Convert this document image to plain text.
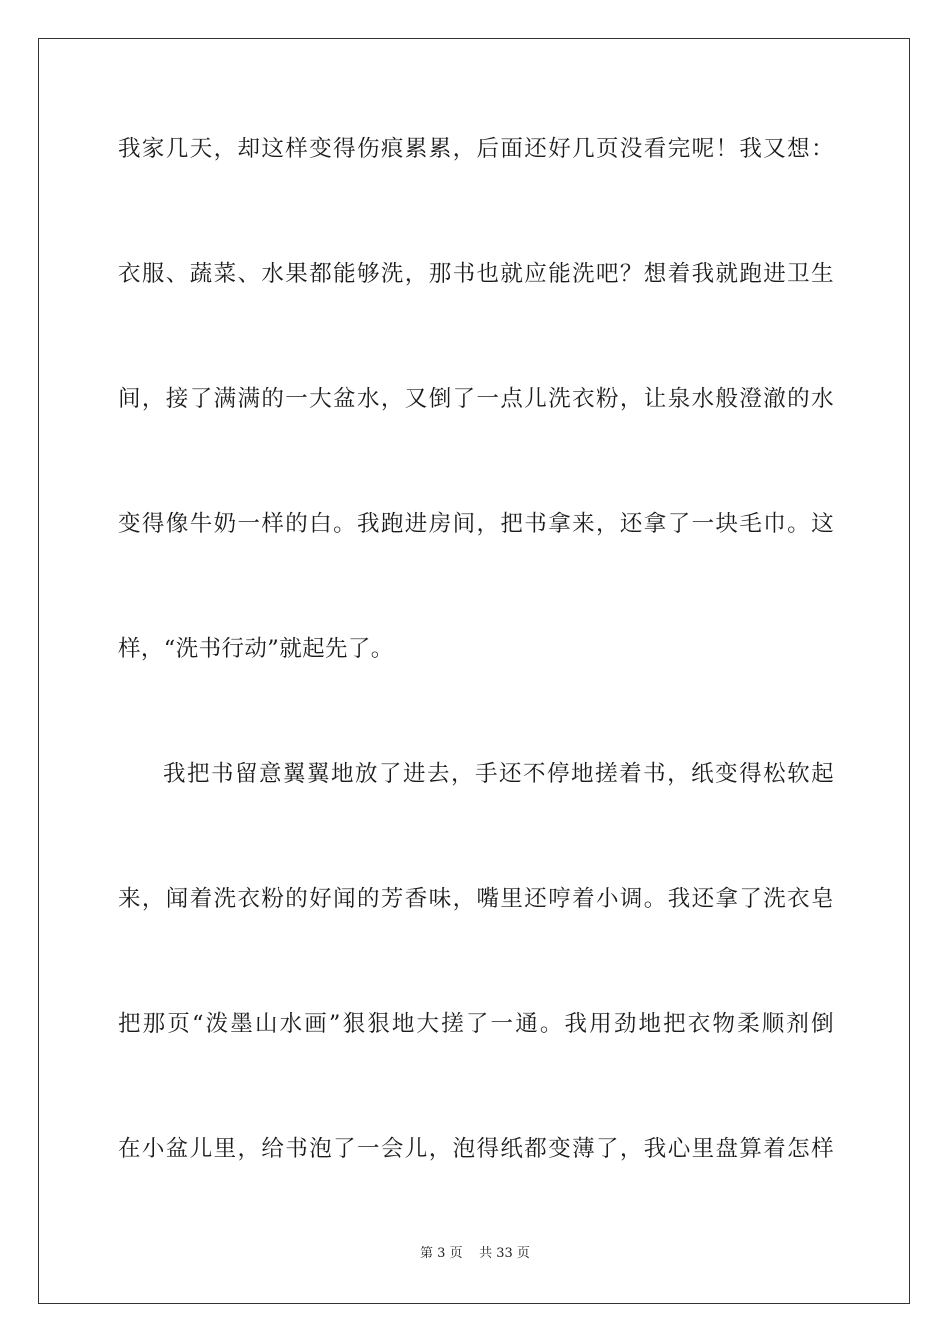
我家几天，却这样变得伤痕累累，后面还好几页没看完呢！我又想：
衣服、蔬菜、水果都能够洗，那书也就应能洗吧？想着我就跑进卫生
间，接了满满的一大盆水，又倒了一点儿洗衣粉，让泉水般澄澈的水
变得像牛奶一样的白。我跑进房间，把书拿来，还拿了一块毛巾。这
样，“洗书行动”就起先了。
我把书留意翼翼地放了进去，手还不停地搓着书，纸变得松软起
来，闻着洗衣粉的好闻的芳香味，嘴里还哼着小调。我还拿了洗衣皂
把那页“泼墨山水画”狠狠地大搓了一通。我用劲地把衣物柔顺剂倒
在小盆儿里，给书泡了一会儿，泡得纸都变薄了，我心里盘算着怎样
第 3 页 共 33 页
